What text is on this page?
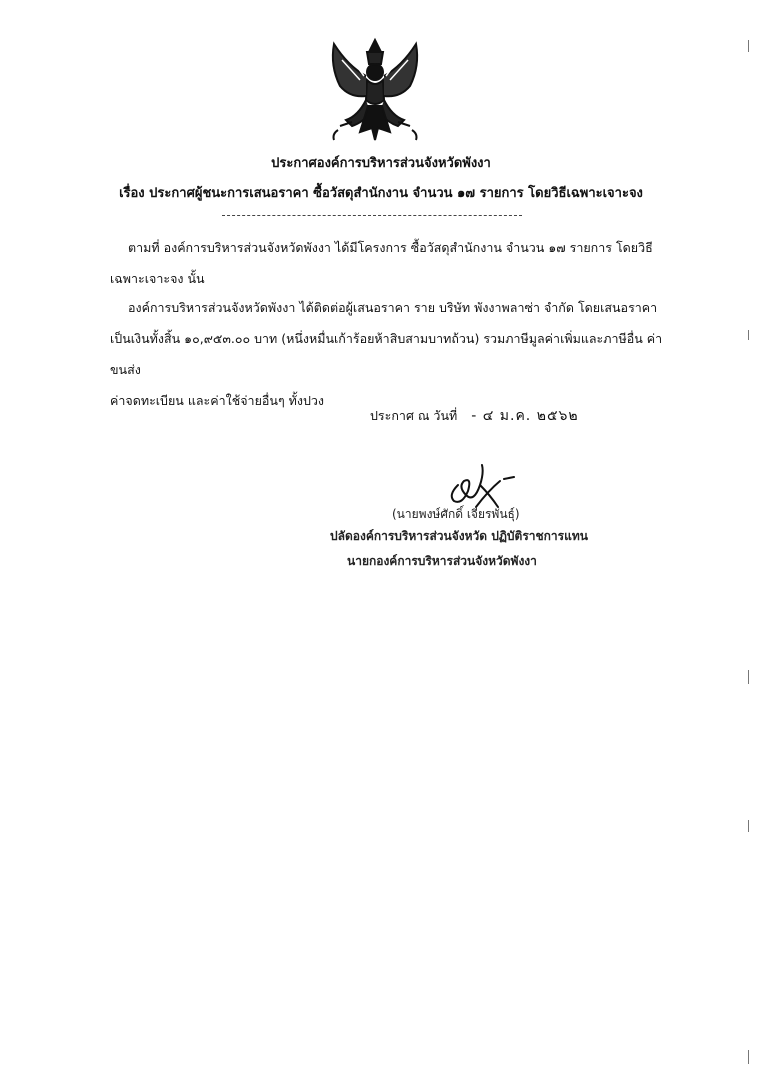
ประกาศองค์การบริหารส่วนจังหวัดพังงา
เรื่อง ประกาศผู้ชนะการเสนอราคา ซื้อวัสดุสำนักงาน จำนวน ๑๗ รายการ โดยวิธีเฉพาะเจาะจง

ตามที่ องค์การบริหารส่วนจังหวัดพังงา ได้มีโครงการ ซื้อวัสดุสำนักงาน จำนวน ๑๗ รายการ โดยวิธี
เฉพาะเจาะจง นั้น

องค์การบริหารส่วนจังหวัดพังงา ได้ติดต่อผู้เสนอราคา ราย บริษัท พังงาพลาซ่า จำกัด โดยเสนอราคา
เป็นเงินทั้งสิ้น ๑๐,๙๕๓.๐๐ บาท (หนึ่งหมื่นเก้าร้อยห้าสิบสามบาทถ้วน) รวมภาษีมูลค่าเพิ่มและภาษีอื่น ค่าขนส่ง
ค่าจดทะเบียน และค่าใช้จ่ายอื่นๆ ทั้งปวง

ประกาศ ณ วันที่ - ๔ ม.ค. ๒๕๖๒
(นายพงษ์ศักดิ์ เจียรพันธุ์)
ปลัดองค์การบริหารส่วนจังหวัด ปฏิบัติราชการแทน
นายกองค์การบริหารส่วนจังหวัดพังงา
